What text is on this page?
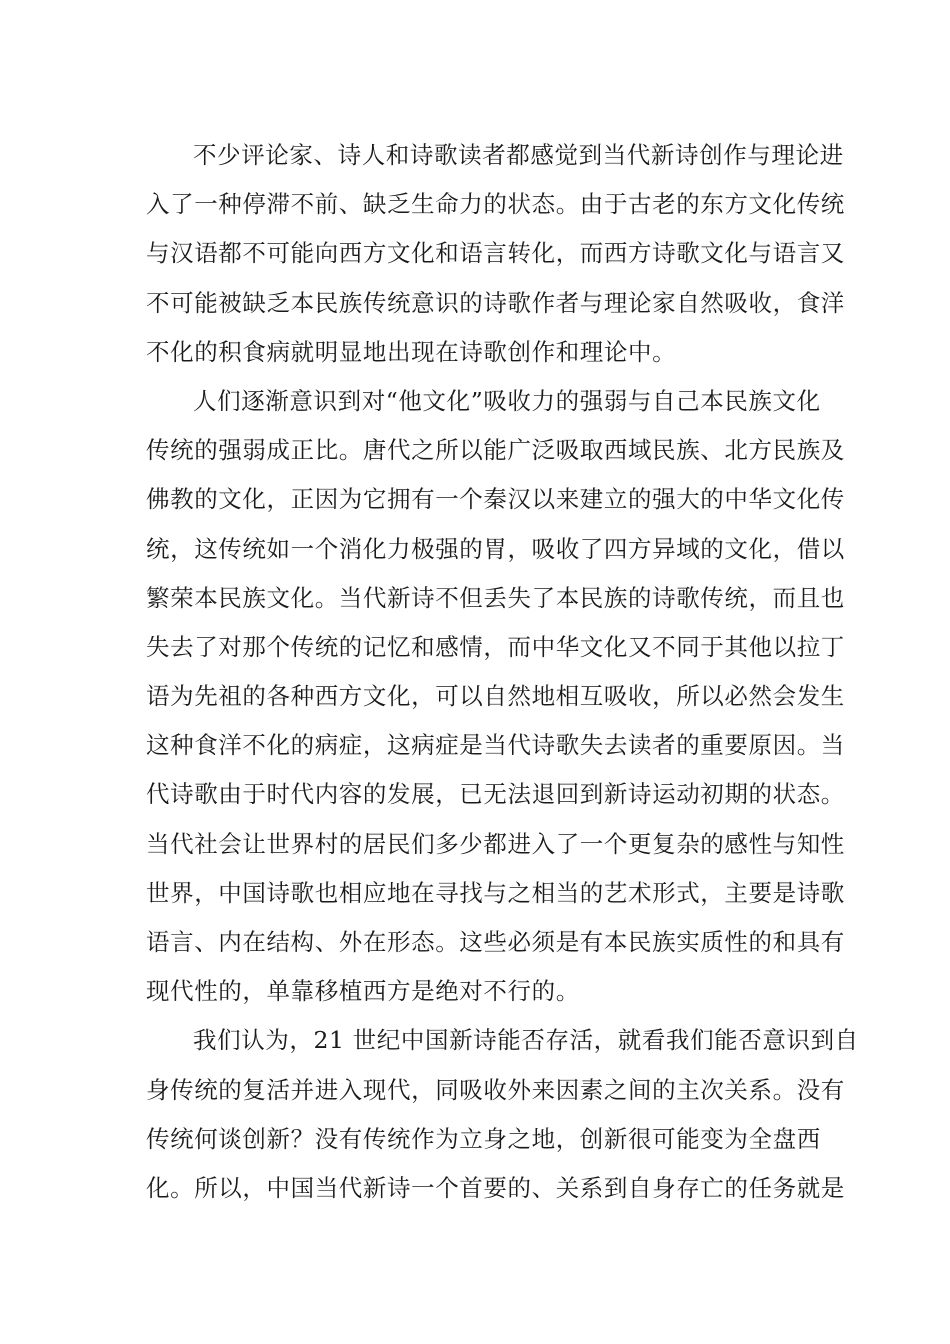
不少评论家、诗人和诗歌读者都感觉到当代新诗创作与理论进
入了一种停滞不前、缺乏生命力的状态。由于古老的东方文化传统
与汉语都不可能向西方文化和语言转化，而西方诗歌文化与语言又
不可能被缺乏本民族传统意识的诗歌作者与理论家自然吸收，食洋
不化的积食病就明显地出现在诗歌创作和理论中。
人们逐渐意识到对“他文化”吸收力的强弱与自己本民族文化
传统的强弱成正比。唐代之所以能广泛吸取西域民族、北方民族及
佛教的文化，正因为它拥有一个秦汉以来建立的强大的中华文化传
统，这传统如一个消化力极强的胃，吸收了四方异域的文化，借以
繁荣本民族文化。当代新诗不但丢失了本民族的诗歌传统，而且也
失去了对那个传统的记忆和感情，而中华文化又不同于其他以拉丁
语为先祖的各种西方文化，可以自然地相互吸收，所以必然会发生
这种食洋不化的病症，这病症是当代诗歌失去读者的重要原因。当
代诗歌由于时代内容的发展，已无法退回到新诗运动初期的状态。
当代社会让世界村的居民们多少都进入了一个更复杂的感性与知性
世界，中国诗歌也相应地在寻找与之相当的艺术形式，主要是诗歌
语言、内在结构、外在形态。这些必须是有本民族实质性的和具有
现代性的，单靠移植西方是绝对不行的。
我们认为，21 世纪中国新诗能否存活，就看我们能否意识到自
身传统的复活并进入现代，同吸收外来因素之间的主次关系。没有
传统何谈创新？没有传统作为立身之地，创新很可能变为全盘西
化。所以，中国当代新诗一个首要的、关系到自身存亡的任务就是
